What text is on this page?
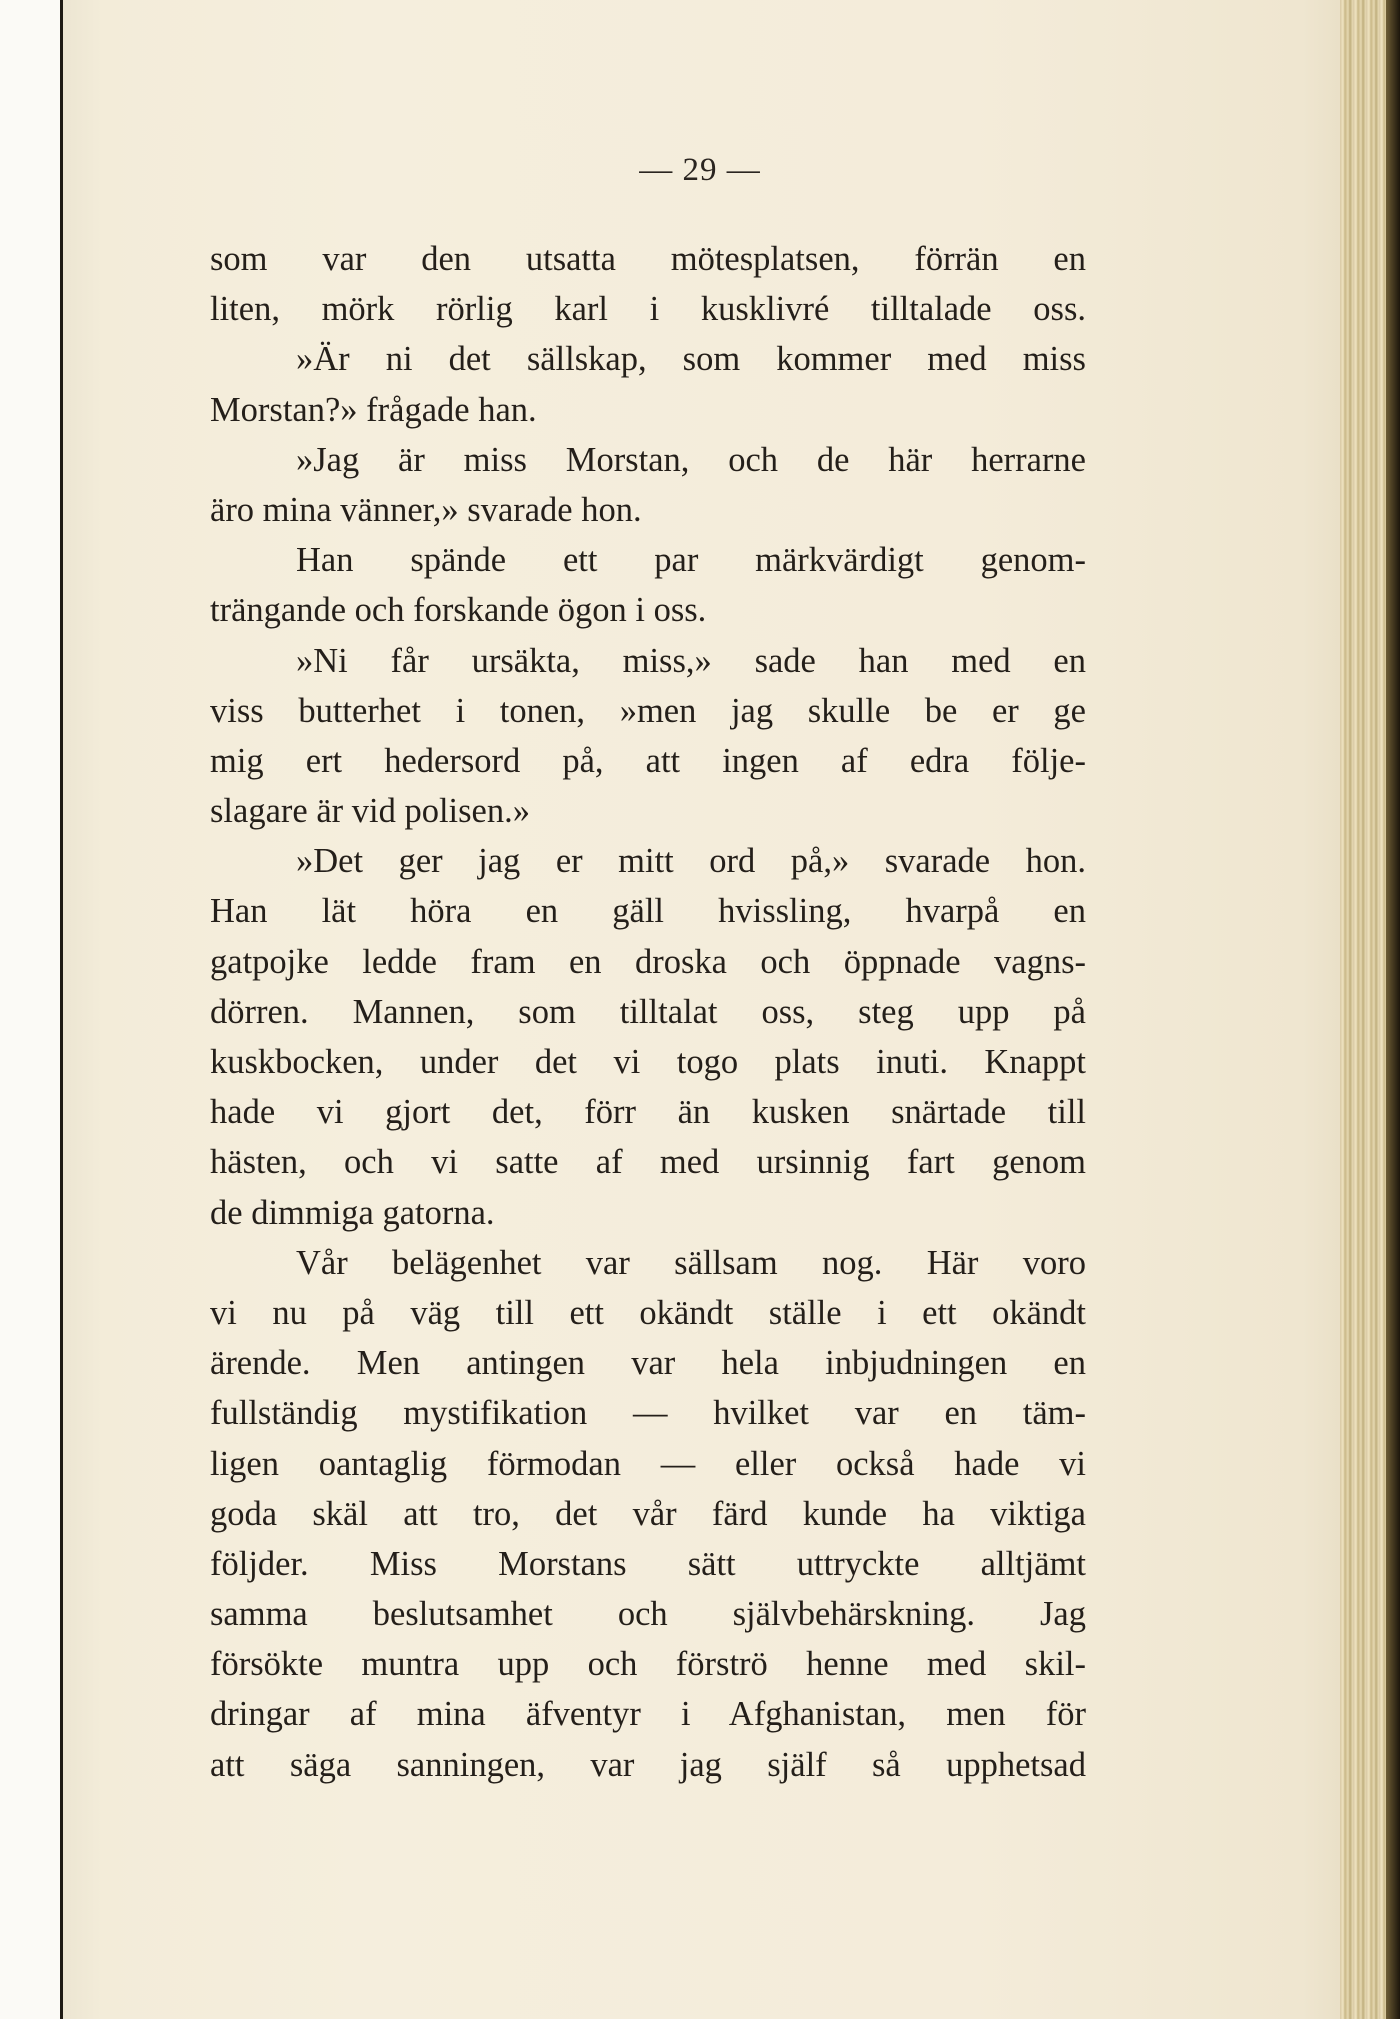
— 29 —
som var den utsatta mötesplatsen, förrän en
liten, mörk rörlig karl i kusklivré tilltalade oss.
»Är ni det sällskap, som kommer med miss
Morstan?» frågade han.
»Jag är miss Morstan, och de här herrarne
äro mina vänner,» svarade hon.
Han spände ett par märkvärdigt genom-
trängande och forskande ögon i oss.
»Ni får ursäkta, miss,» sade han med en
viss butterhet i tonen, »men jag skulle be er ge
mig ert hedersord på, att ingen af edra följe-
slagare är vid polisen.»
»Det ger jag er mitt ord på,» svarade hon.
Han lät höra en gäll hvissling, hvarpå en
gatpojke ledde fram en droska och öppnade vagns-
dörren. Mannen, som tilltalat oss, steg upp på
kuskbocken, under det vi togo plats inuti. Knappt
hade vi gjort det, förr än kusken snärtade till
hästen, och vi satte af med ursinnig fart genom
de dimmiga gatorna.
Vår belägenhet var sällsam nog. Här voro
vi nu på väg till ett okändt ställe i ett okändt
ärende. Men antingen var hela inbjudningen en
fullständig mystifikation — hvilket var en täm-
ligen oantaglig förmodan — eller också hade vi
goda skäl att tro, det vår färd kunde ha viktiga
följder. Miss Morstans sätt uttryckte alltjämt
samma beslutsamhet och självbehärskning. Jag
försökte muntra upp och förströ henne med skil-
dringar af mina äfventyr i Afghanistan, men för
att säga sanningen, var jag själf så upphetsad
